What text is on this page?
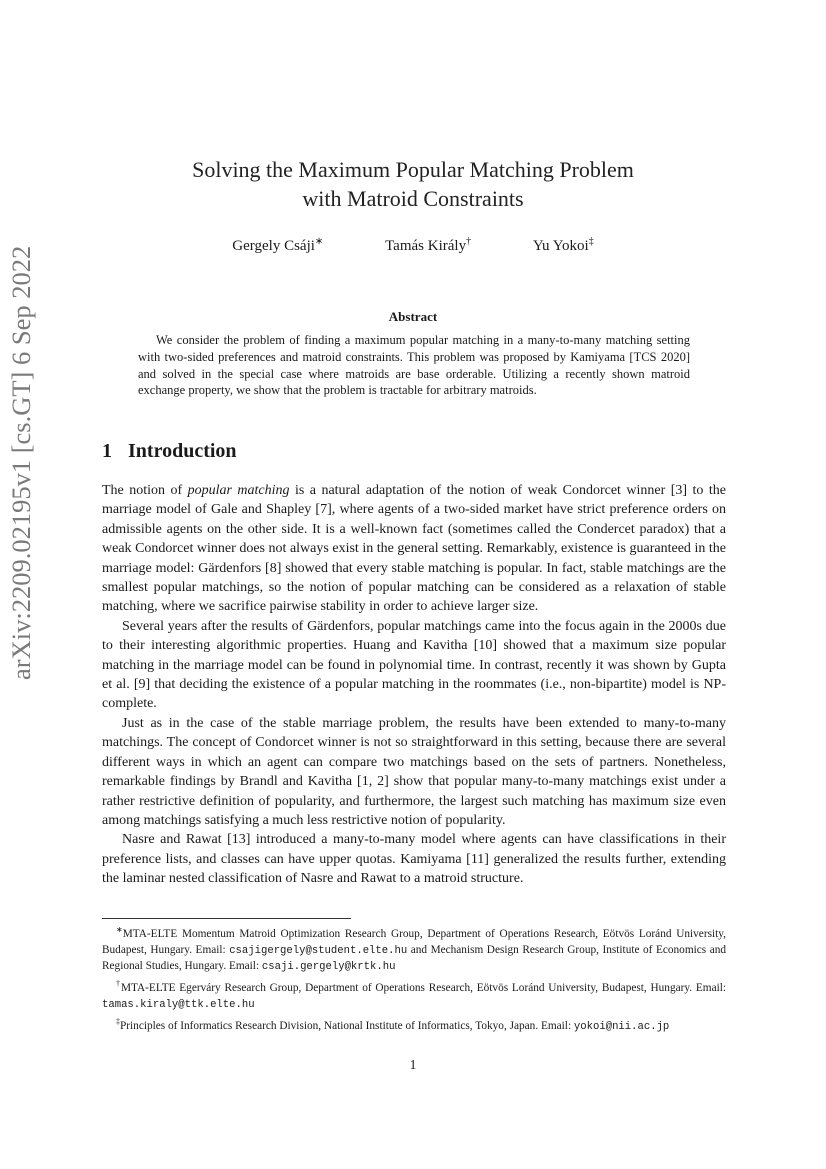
arXiv:2209.02195v1 [cs.GT] 6 Sep 2022
Solving the Maximum Popular Matching Problem
with Matroid Constraints
Gergely Csáji∗	Tamás Király†	Yu Yokoi‡
Abstract
We consider the problem of finding a maximum popular matching in a many-to-many matching setting with two-sided preferences and matroid constraints. This problem was proposed by Kamiyama [TCS 2020] and solved in the special case where matroids are base orderable. Utilizing a recently shown matroid exchange property, we show that the problem is tractable for arbitrary matroids.
1 Introduction

The notion of popular matching is a natural adaptation of the notion of weak Condorcet winner [3] to the marriage model of Gale and Shapley [7], where agents of a two-sided market have strict preference orders on admissible agents on the other side. It is a well-known fact (sometimes called the Condercet paradox) that a weak Condorcet winner does not always exist in the general setting. Remarkably, existence is guaranteed in the marriage model: Gärdenfors [8] showed that every stable matching is popular. In fact, stable matchings are the smallest popular matchings, so the notion of popular matching can be considered as a relaxation of stable matching, where we sacrifice pairwise stability in order to achieve larger size.

Several years after the results of Gärdenfors, popular matchings came into the focus again in the 2000s due to their interesting algorithmic properties. Huang and Kavitha [10] showed that a maximum size popular matching in the marriage model can be found in polynomial time. In contrast, recently it was shown by Gupta et al. [9] that deciding the existence of a popular matching in the roommates (i.e., non-bipartite) model is NP-complete.

Just as in the case of the stable marriage problem, the results have been extended to many-to-many matchings. The concept of Condorcet winner is not so straightforward in this setting, because there are several different ways in which an agent can compare two matchings based on the sets of partners. Nonetheless, remarkable findings by Brandl and Kavitha [1, 2] show that popular many-to-many matchings exist under a rather restrictive definition of popularity, and furthermore, the largest such matching has maximum size even among matchings satisfying a much less restrictive notion of popularity.

Nasre and Rawat [13] introduced a many-to-many model where agents can have classifications in their preference lists, and classes can have upper quotas. Kamiyama [11] generalized the results further, extending the laminar nested classification of Nasre and Rawat to a matroid structure.

∗MTA-ELTE Momentum Matroid Optimization Research Group, Department of Operations Research, Eötvös Loránd University, Budapest, Hungary. Email: csajigergely@student.elte.hu and Mechanism Design Research Group, Institute of Economics and Regional Studies, Hungary. Email: csaji.gergely@krtk.hu

†MTA-ELTE Egerváry Research Group, Department of Operations Research, Eötvös Loránd University, Budapest, Hungary. Email: tamas.kiraly@ttk.elte.hu

‡Principles of Informatics Research Division, National Institute of Informatics, Tokyo, Japan. Email: yokoi@nii.ac.jp

1
